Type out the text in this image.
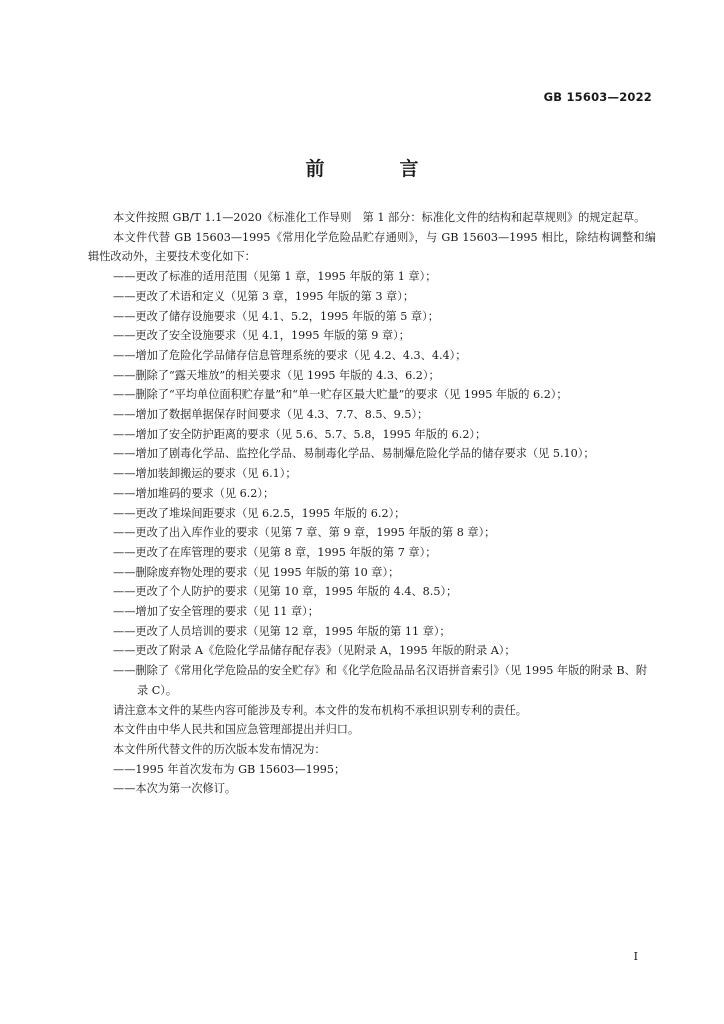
GB 15603—2022
前　言

本文件按照 GB/T 1.1—2020《标准化工作导则　第 1 部分：标准化文件的结构和起草规则》的规定起草。

本文件代替 GB 15603—1995《常用化学危险品贮存通则》，与 GB 15603—1995 相比，除结构调整和编辑性改动外，主要技术变化如下：

——更改了标准的适用范围（见第 1 章，1995 年版的第 1 章）；

——更改了术语和定义（见第 3 章，1995 年版的第 3 章）；

——更改了储存设施要求（见 4.1、5.2，1995 年版的第 5 章）；

——更改了安全设施要求（见 4.1，1995 年版的第 9 章）；

——增加了危险化学品储存信息管理系统的要求（见 4.2、4.3、4.4）；

——删除了“露天堆放”的相关要求（见 1995 年版的 4.3、6.2）；

——删除了“平均单位面积贮存量”和“单一贮存区最大贮量”的要求（见 1995 年版的 6.2）；

——增加了数据单据保存时间要求（见 4.3、7.7、8.5、9.5）；

——增加了安全防护距离的要求（见 5.6、5.7、5.8，1995 年版的 6.2）；

——增加了剧毒化学品、监控化学品、易制毒化学品、易制爆危险化学品的储存要求（见 5.10）；

——增加装卸搬运的要求（见 6.1）；

——增加堆码的要求（见 6.2）；

——更改了堆垛间距要求（见 6.2.5，1995 年版的 6.2）；

——更改了出入库作业的要求（见第 7 章、第 9 章，1995 年版的第 8 章）；

——更改了在库管理的要求（见第 8 章，1995 年版的第 7 章）；

——删除废弃物处理的要求（见 1995 年版的第 10 章）；

——更改了个人防护的要求（见第 10 章，1995 年版的 4.4、8.5）；

——增加了安全管理的要求（见 11 章）；

——更改了人员培训的要求（见第 12 章，1995 年版的第 11 章）；

——更改了附录 A《危险化学品储存配存表》（见附录 A，1995 年版的附录 A）；

——删除了《常用化学危险品的安全贮存》和《化学危险品品名汉语拼音索引》（见 1995 年版的附录 B、附录 C）。

请注意本文件的某些内容可能涉及专利。本文件的发布机构不承担识别专利的责任。

本文件由中华人民共和国应急管理部提出并归口。

本文件所代替文件的历次版本发布情况为：

——1995 年首次发布为 GB 15603—1995；

——本次为第一次修订。

I
